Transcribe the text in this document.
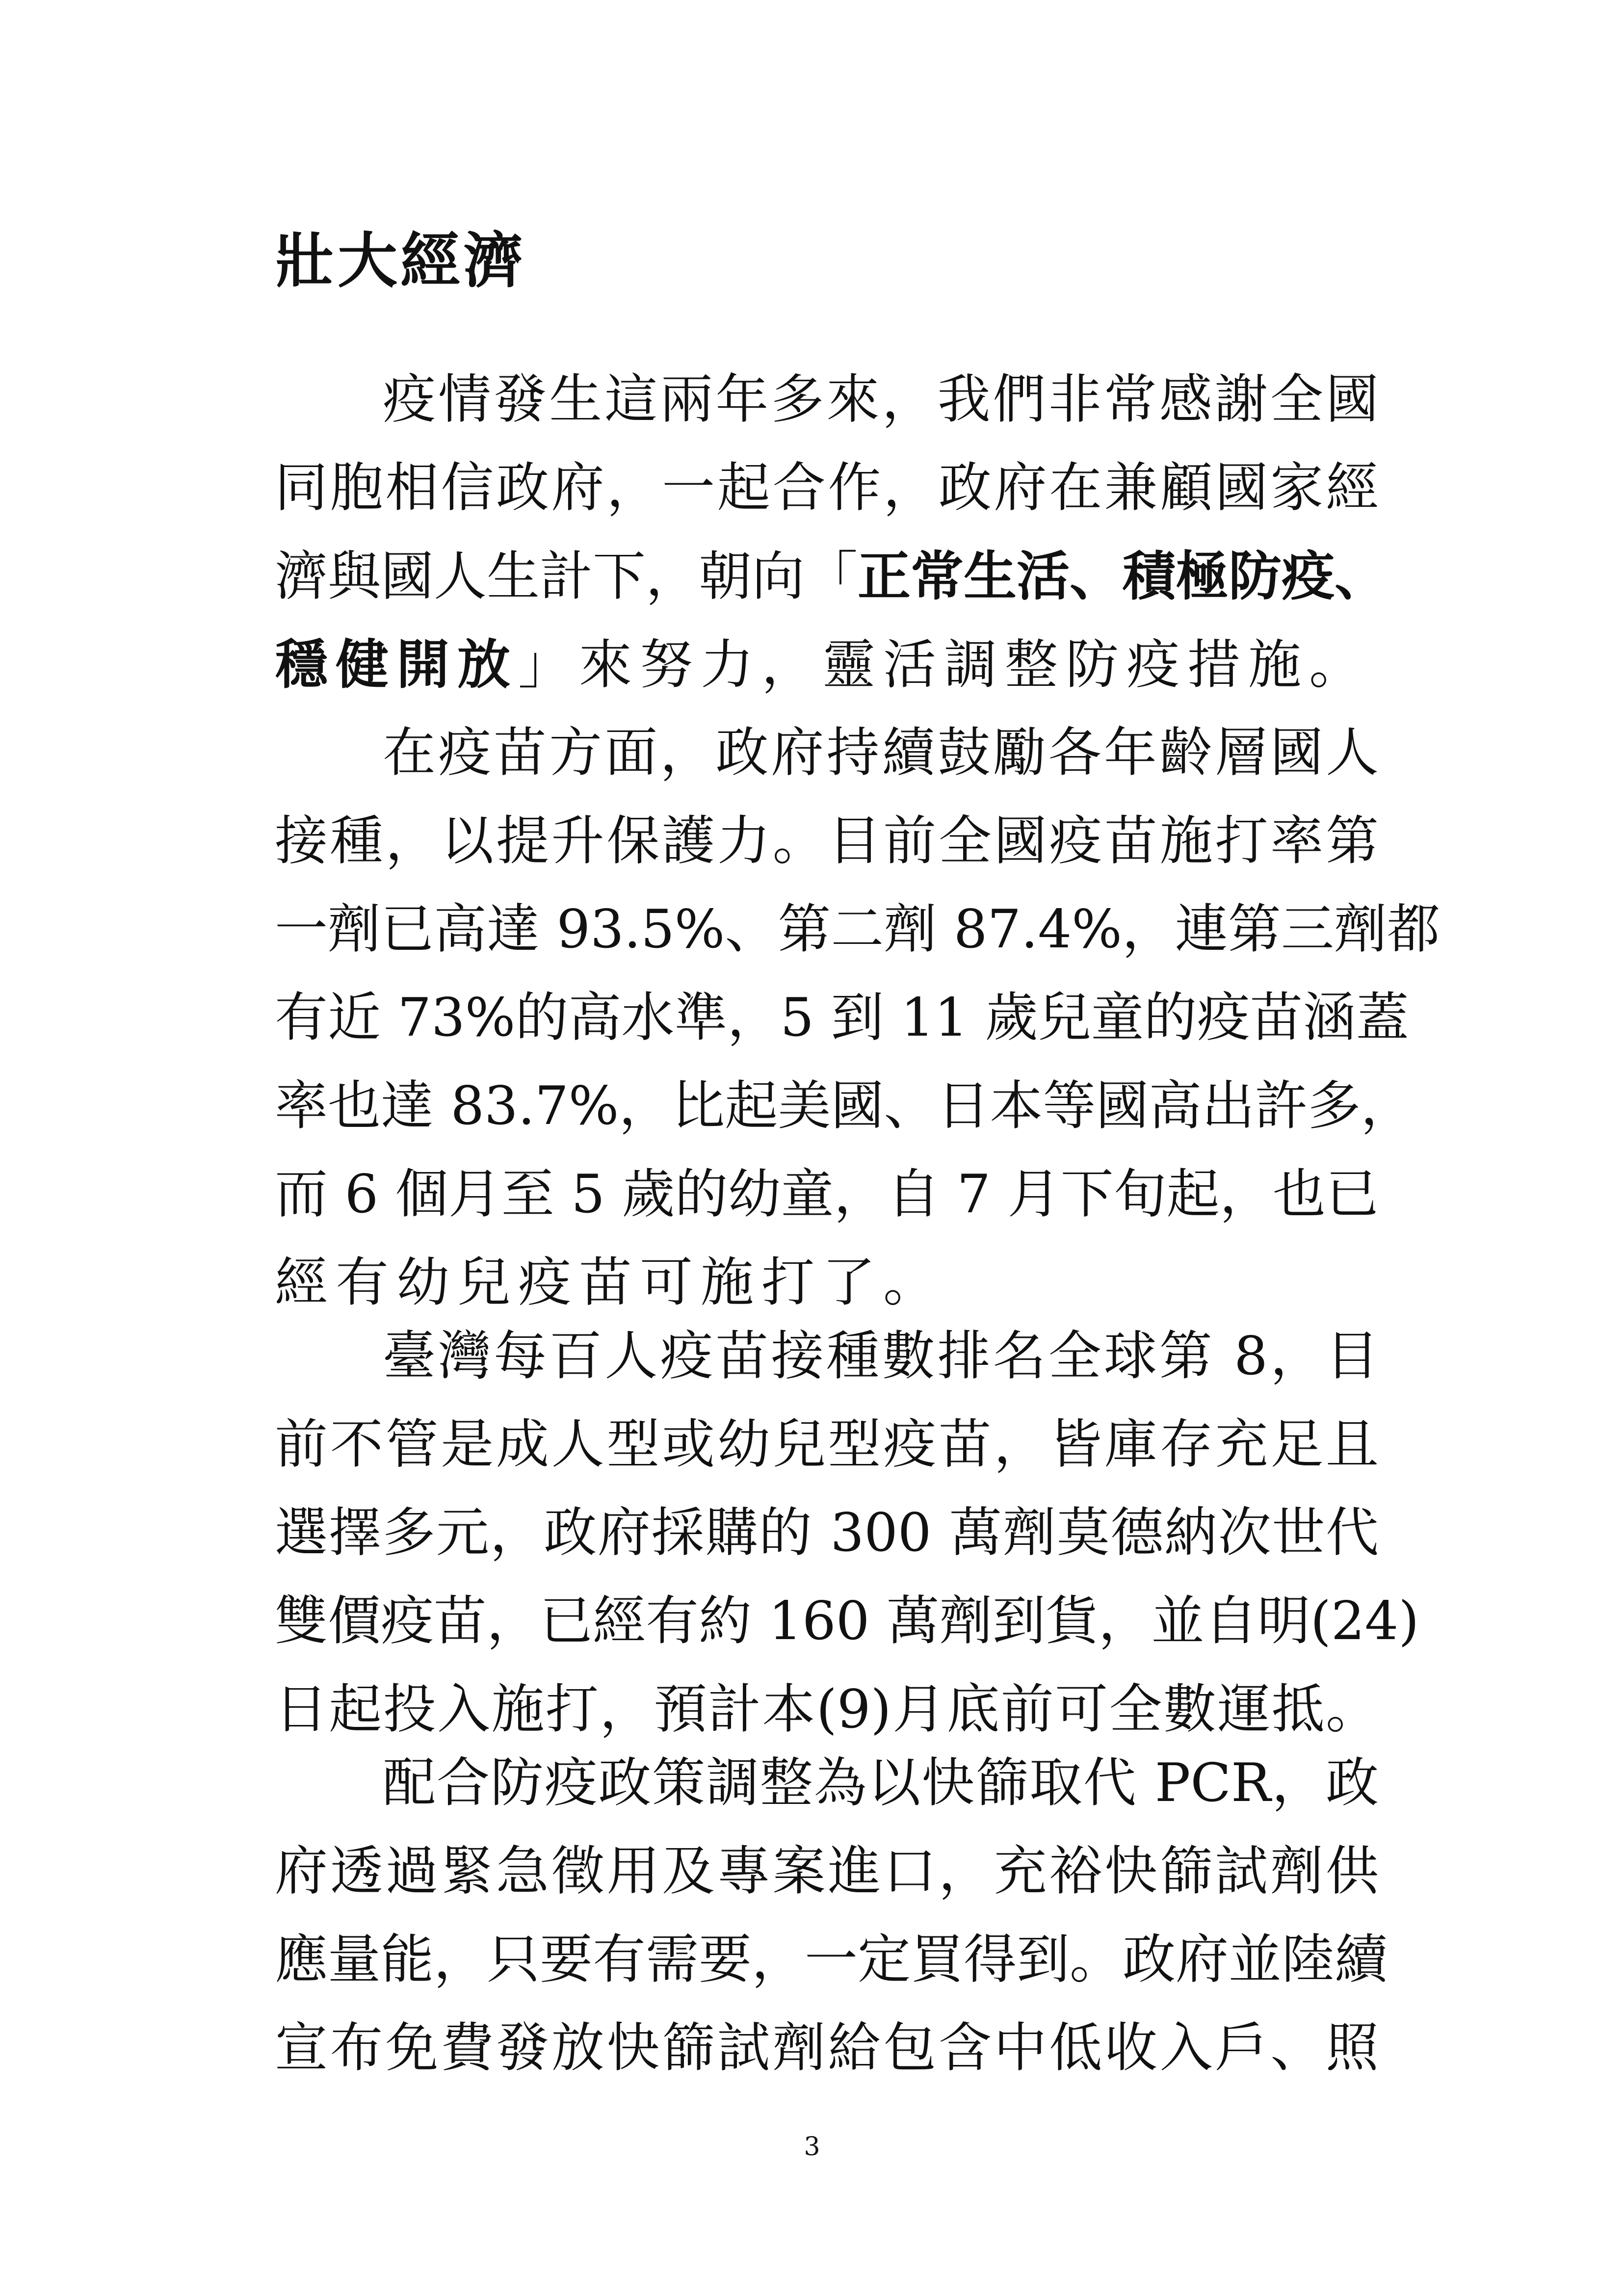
壯大經濟
疫情發生這兩年多來，我們非常感謝全國
同胞相信政府，一起合作，政府在兼顧國家經
濟與國人生計下，朝向「正常生活、積極防疫、
穩健開放」來努力，靈活調整防疫措施。
在疫苗方面，政府持續鼓勵各年齡層國人
接種，以提升保護力。目前全國疫苗施打率第
一劑已高達 93.5%、第二劑 87.4%，連第三劑都
有近 73%的高水準，5 到 11 歲兒童的疫苗涵蓋
率也達 83.7%，比起美國、日本等國高出許多，
而 6 個月至 5 歲的幼童，自 7 月下旬起，也已
經有幼兒疫苗可施打了。
臺灣每百人疫苗接種數排名全球第 8，目
前不管是成人型或幼兒型疫苗，皆庫存充足且
選擇多元，政府採購的 300 萬劑莫德納次世代
雙價疫苗，已經有約 160 萬劑到貨，並自明(24)
日起投入施打，預計本(9)月底前可全數運抵。
配合防疫政策調整為以快篩取代 PCR，政
府透過緊急徵用及專案進口，充裕快篩試劑供
應量能，只要有需要，一定買得到。政府並陸續
宣布免費發放快篩試劑給包含中低收入戶、照
3
